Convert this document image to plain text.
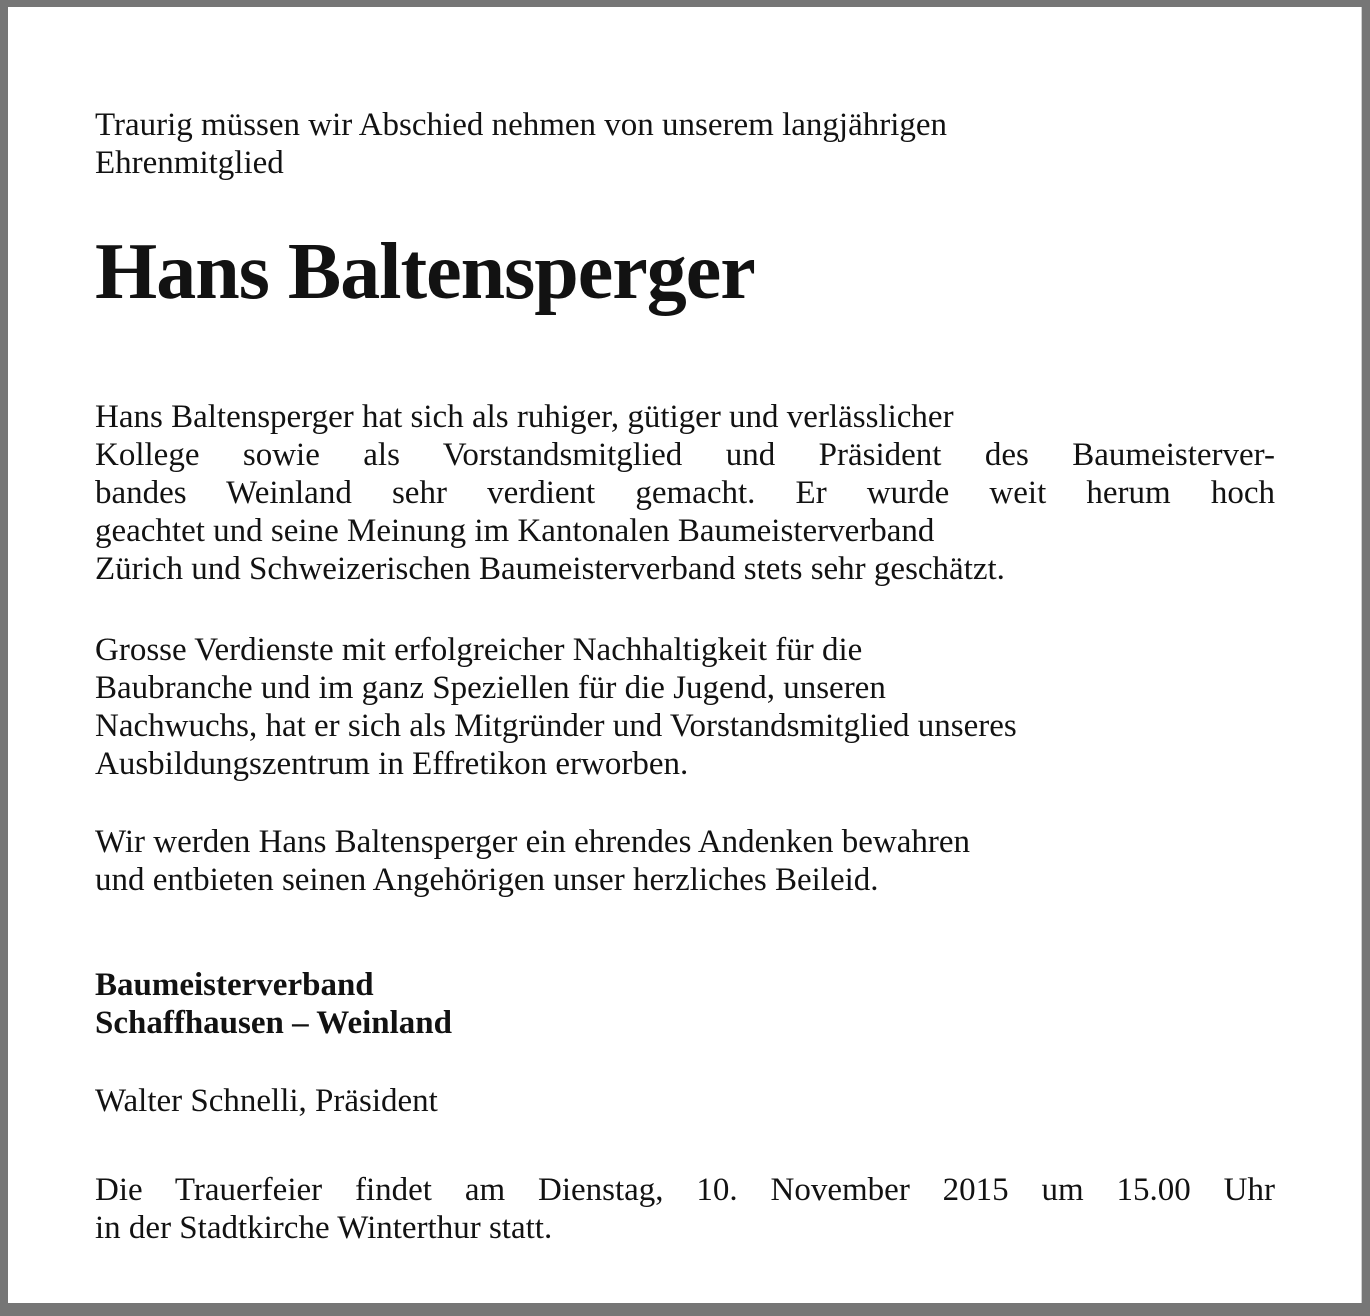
Traurig müssen wir Abschied nehmen von unserem langjährigen
Ehrenmitglied
Hans Baltensperger
Hans Baltensperger hat sich als ruhiger, gütiger und verlässlicher
Kollege sowie als Vorstandsmitglied und Präsident des Baumeisterver-
bandes Weinland sehr verdient gemacht. Er wurde weit herum hoch
geachtet und seine Meinung im Kantonalen Baumeisterverband
Zürich und Schweizerischen Baumeisterverband stets sehr geschätzt.
Grosse Verdienste mit erfolgreicher Nachhaltigkeit für die
Baubranche und im ganz Speziellen für die Jugend, unseren
Nachwuchs, hat er sich als Mitgründer und Vorstandsmitglied unseres
Ausbildungszentrum in Effretikon erworben.
Wir werden Hans Baltensperger ein ehrendes Andenken bewahren
und entbieten seinen Angehörigen unser herzliches Beileid.
Baumeisterverband
Schaffhausen – Weinland
Walter Schnelli, Präsident
Die Trauerfeier findet am Dienstag, 10. November 2015 um 15.00 Uhr
in der Stadtkirche Winterthur statt.
